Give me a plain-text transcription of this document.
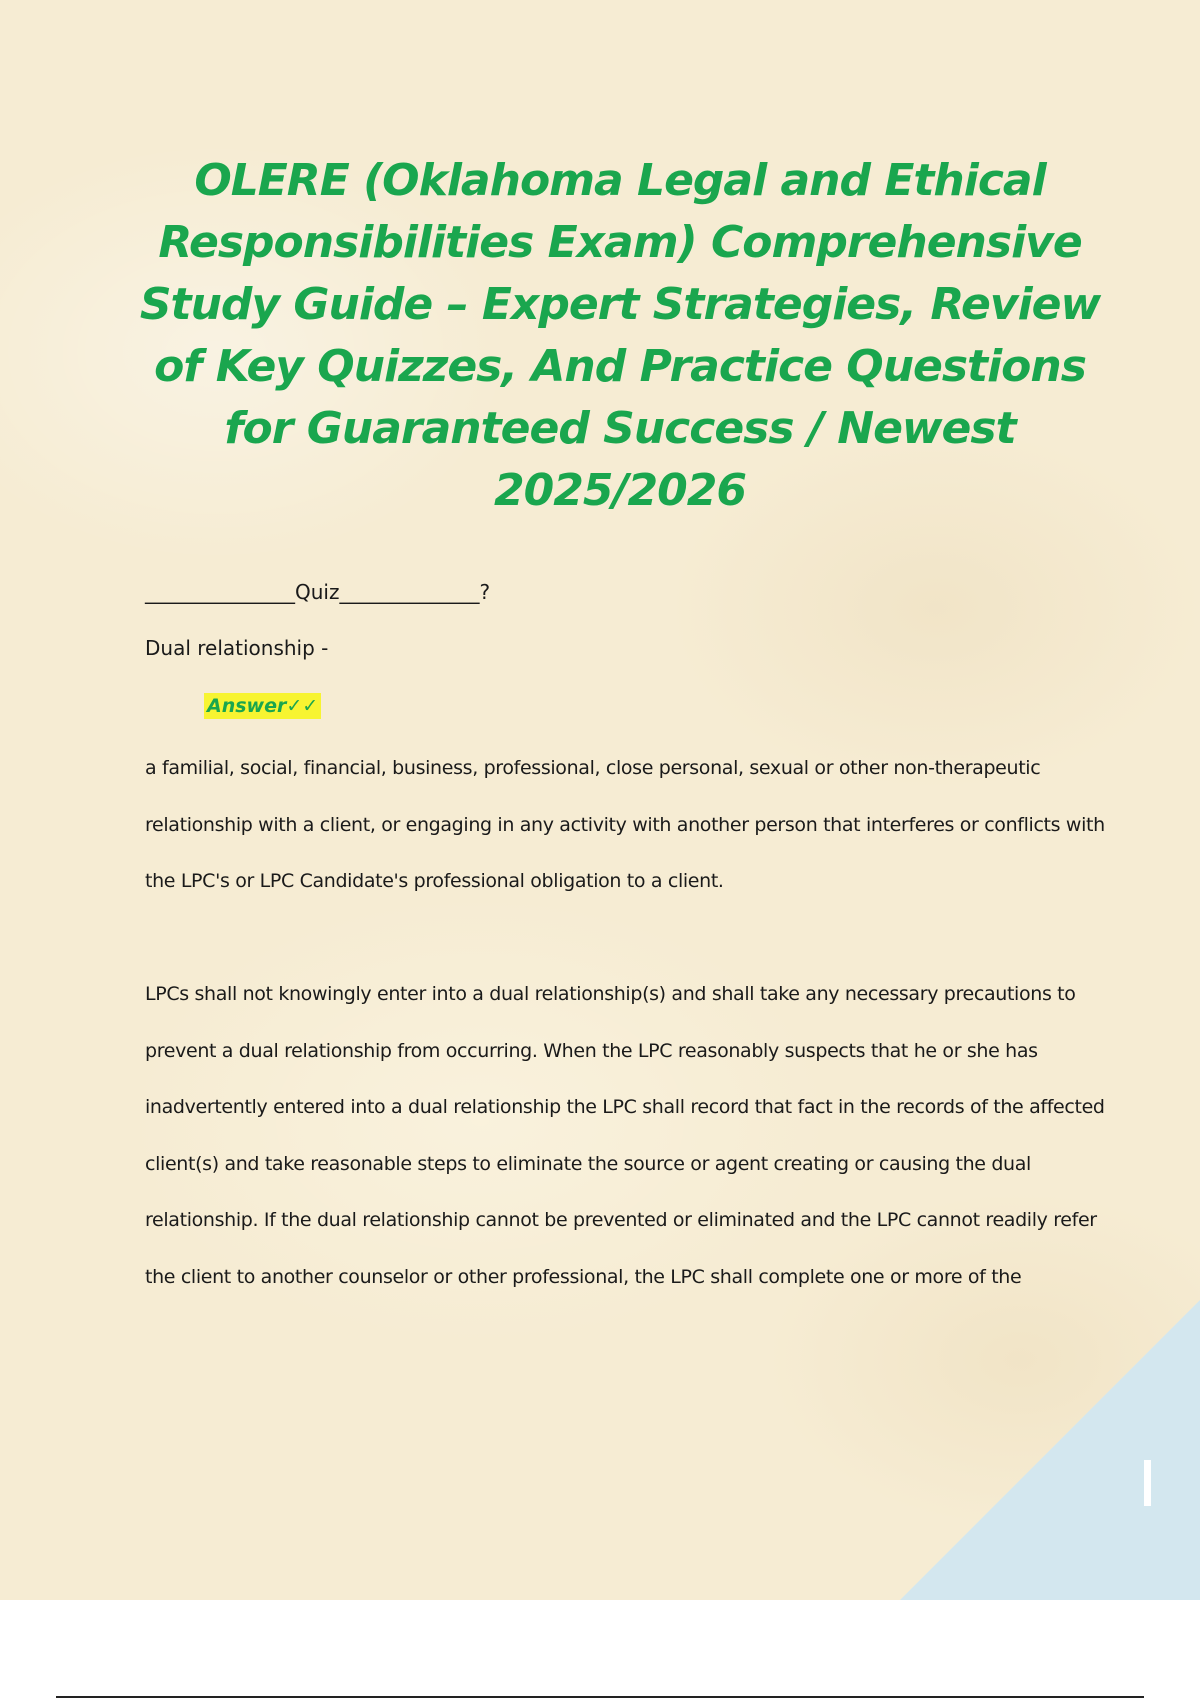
OLERE (Oklahoma Legal and Ethical Responsibilities Exam) Comprehensive Study Guide – Expert Strategies, Review of Key Quizzes, And Practice Questions for Guaranteed Success / Newest 2025/2026
_______________Quiz______________?
Dual relationship -
Answer✓✓

a familial, social, financial, business, professional, close personal, sexual or other non-therapeutic relationship with a client, or engaging in any activity with another person that interferes or conflicts with the LPC's or LPC Candidate's professional obligation to a client.

LPCs shall not knowingly enter into a dual relationship(s) and shall take any necessary precautions to prevent a dual relationship from occurring. When the LPC reasonably suspects that he or she has inadvertently entered into a dual relationship the LPC shall record that fact in the records of the affected client(s) and take reasonable steps to eliminate the source or agent creating or causing the dual relationship. If the dual relationship cannot be prevented or eliminated and the LPC cannot readily refer the client to another counselor or other professional, the LPC shall complete one or more of the
